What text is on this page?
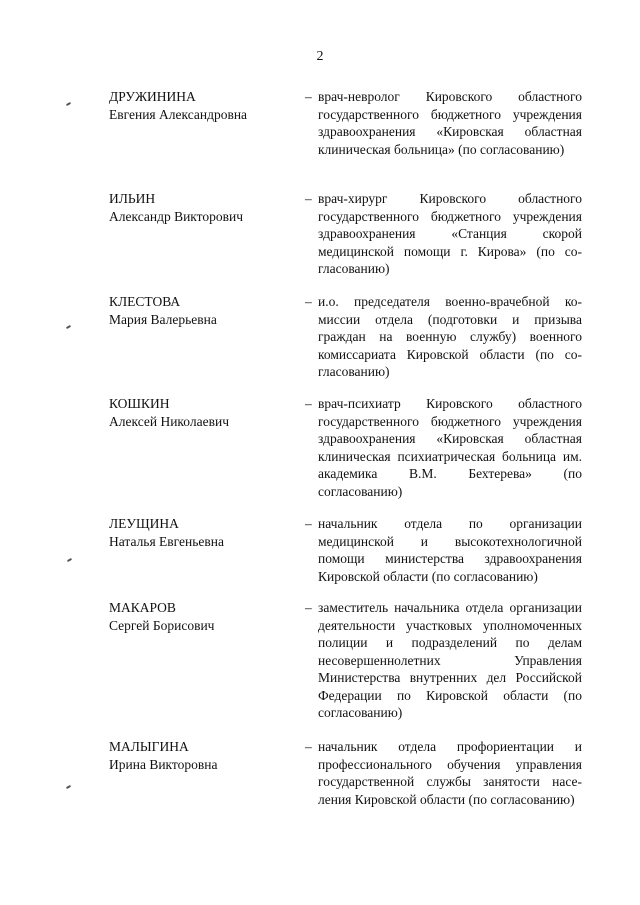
2
ДРУЖИНИНА
Евгения Александровна
– врач-невролог Кировского областного государственного бюджетного учреждения здравоохранения «Кировская областная клиническая больница» (по согласованию)
ИЛЬИН
Александр Викторович
– врач-хирург Кировского областного государственного бюджетного учреждения здравоохранения «Станция скорой медицинской помощи г. Кирова» (по согласованию)
КЛЕСТОВА
Мария Валерьевна
– и.о. председателя военно-врачебной комиссии отдела (подготовки и призыва граждан на военную службу) военного комиссариата Кировской области (по согласованию)
КОШКИН
Алексей Николаевич
– врач-психиатр Кировского областного государственного бюджетного учреждения здравоохранения «Кировская областная клиническая психиатрическая больница им. академика В.М. Бехтерева» (по согласованию)
ЛЕУЩИНА
Наталья Евгеньевна
– начальник отдела по организации медицинской и высокотехнологичной помощи министерства здравоохранения Кировской области (по согласованию)
МАКАРОВ
Сергей Борисович
– заместитель начальника отдела организации деятельности участковых уполномоченных полиции и подразделений по делам несовершеннолетних Управления Министерства внутренних дел Российской Федерации по Кировской области (по согласованию)
МАЛЫГИНА
Ирина Викторовна
– начальник отдела профориентации и профессионального обучения управления государственной службы занятости населения Кировской области (по согласованию)
